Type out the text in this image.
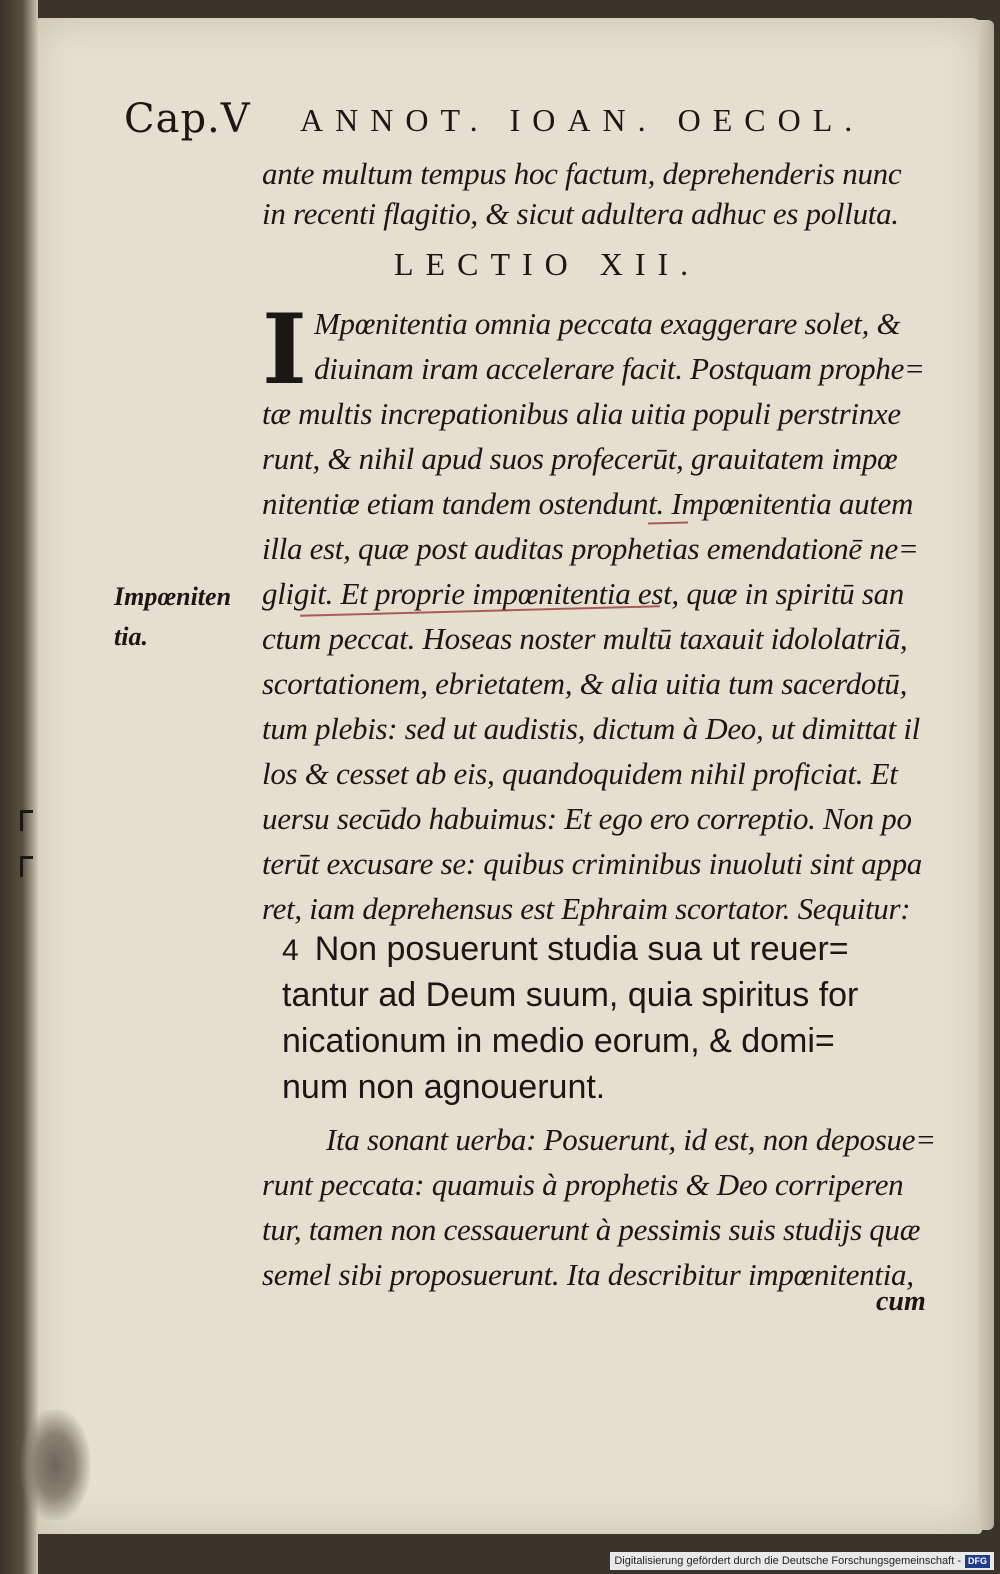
Cap.V ANNOT. IOAN. OECOL.
ante multum tempus hoc factum, deprehenderis nunc
in recenti flagitio, & sicut adultera adhuc es polluta.
LECTIO XII.
I Mpœnitentia omnia peccata exaggerare solet, &
diuinam iram accelerare facit. Postquam prophe=
tæ multis increpationibus alia uitia populi perstrinxe
runt, & nihil apud suos profecerūt, grauitatem impœ
nitentiæ etiam tandem ostendunt. Impœnitentia autem
illa est, quæ post auditas prophetias emendationē ne=
gligit. Et proprie impœnitentia est, quæ in spiritū san
ctum peccat. Hoseas noster multū taxauit idololatriā,
scortationem, ebrietatem, & alia uitia tum sacerdotū,
tum plebis: sed ut audistis, dictum à Deo, ut dimittat il
los & cesset ab eis, quandoquidem nihil proficiat. Et
uersu secūdo habuimus: Et ego ero correptio. Non po
terūt excusare se: quibus criminibus inuoluti sint appa
ret, iam deprehensus est Ephraim scortator. Sequitur:
Impœniten
tia.
4 Non posuerunt studia sua ut reuer=
tantur ad Deum suum, quia spiritus for
nicationum in medio eorum, & domi=
num non agnouerunt.
Ita sonant uerba: Posuerunt, id est, non deposue=
runt peccata: quamuis à prophetis & Deo corriperen
tur, tamen non cessauerunt à pessimis suis studijs quæ
semel sibi proposuerunt. Ita describitur impœnitentia,
cum
Digitalisierung gefördert durch die Deutsche Forschungsgemeinschaft - DFG
